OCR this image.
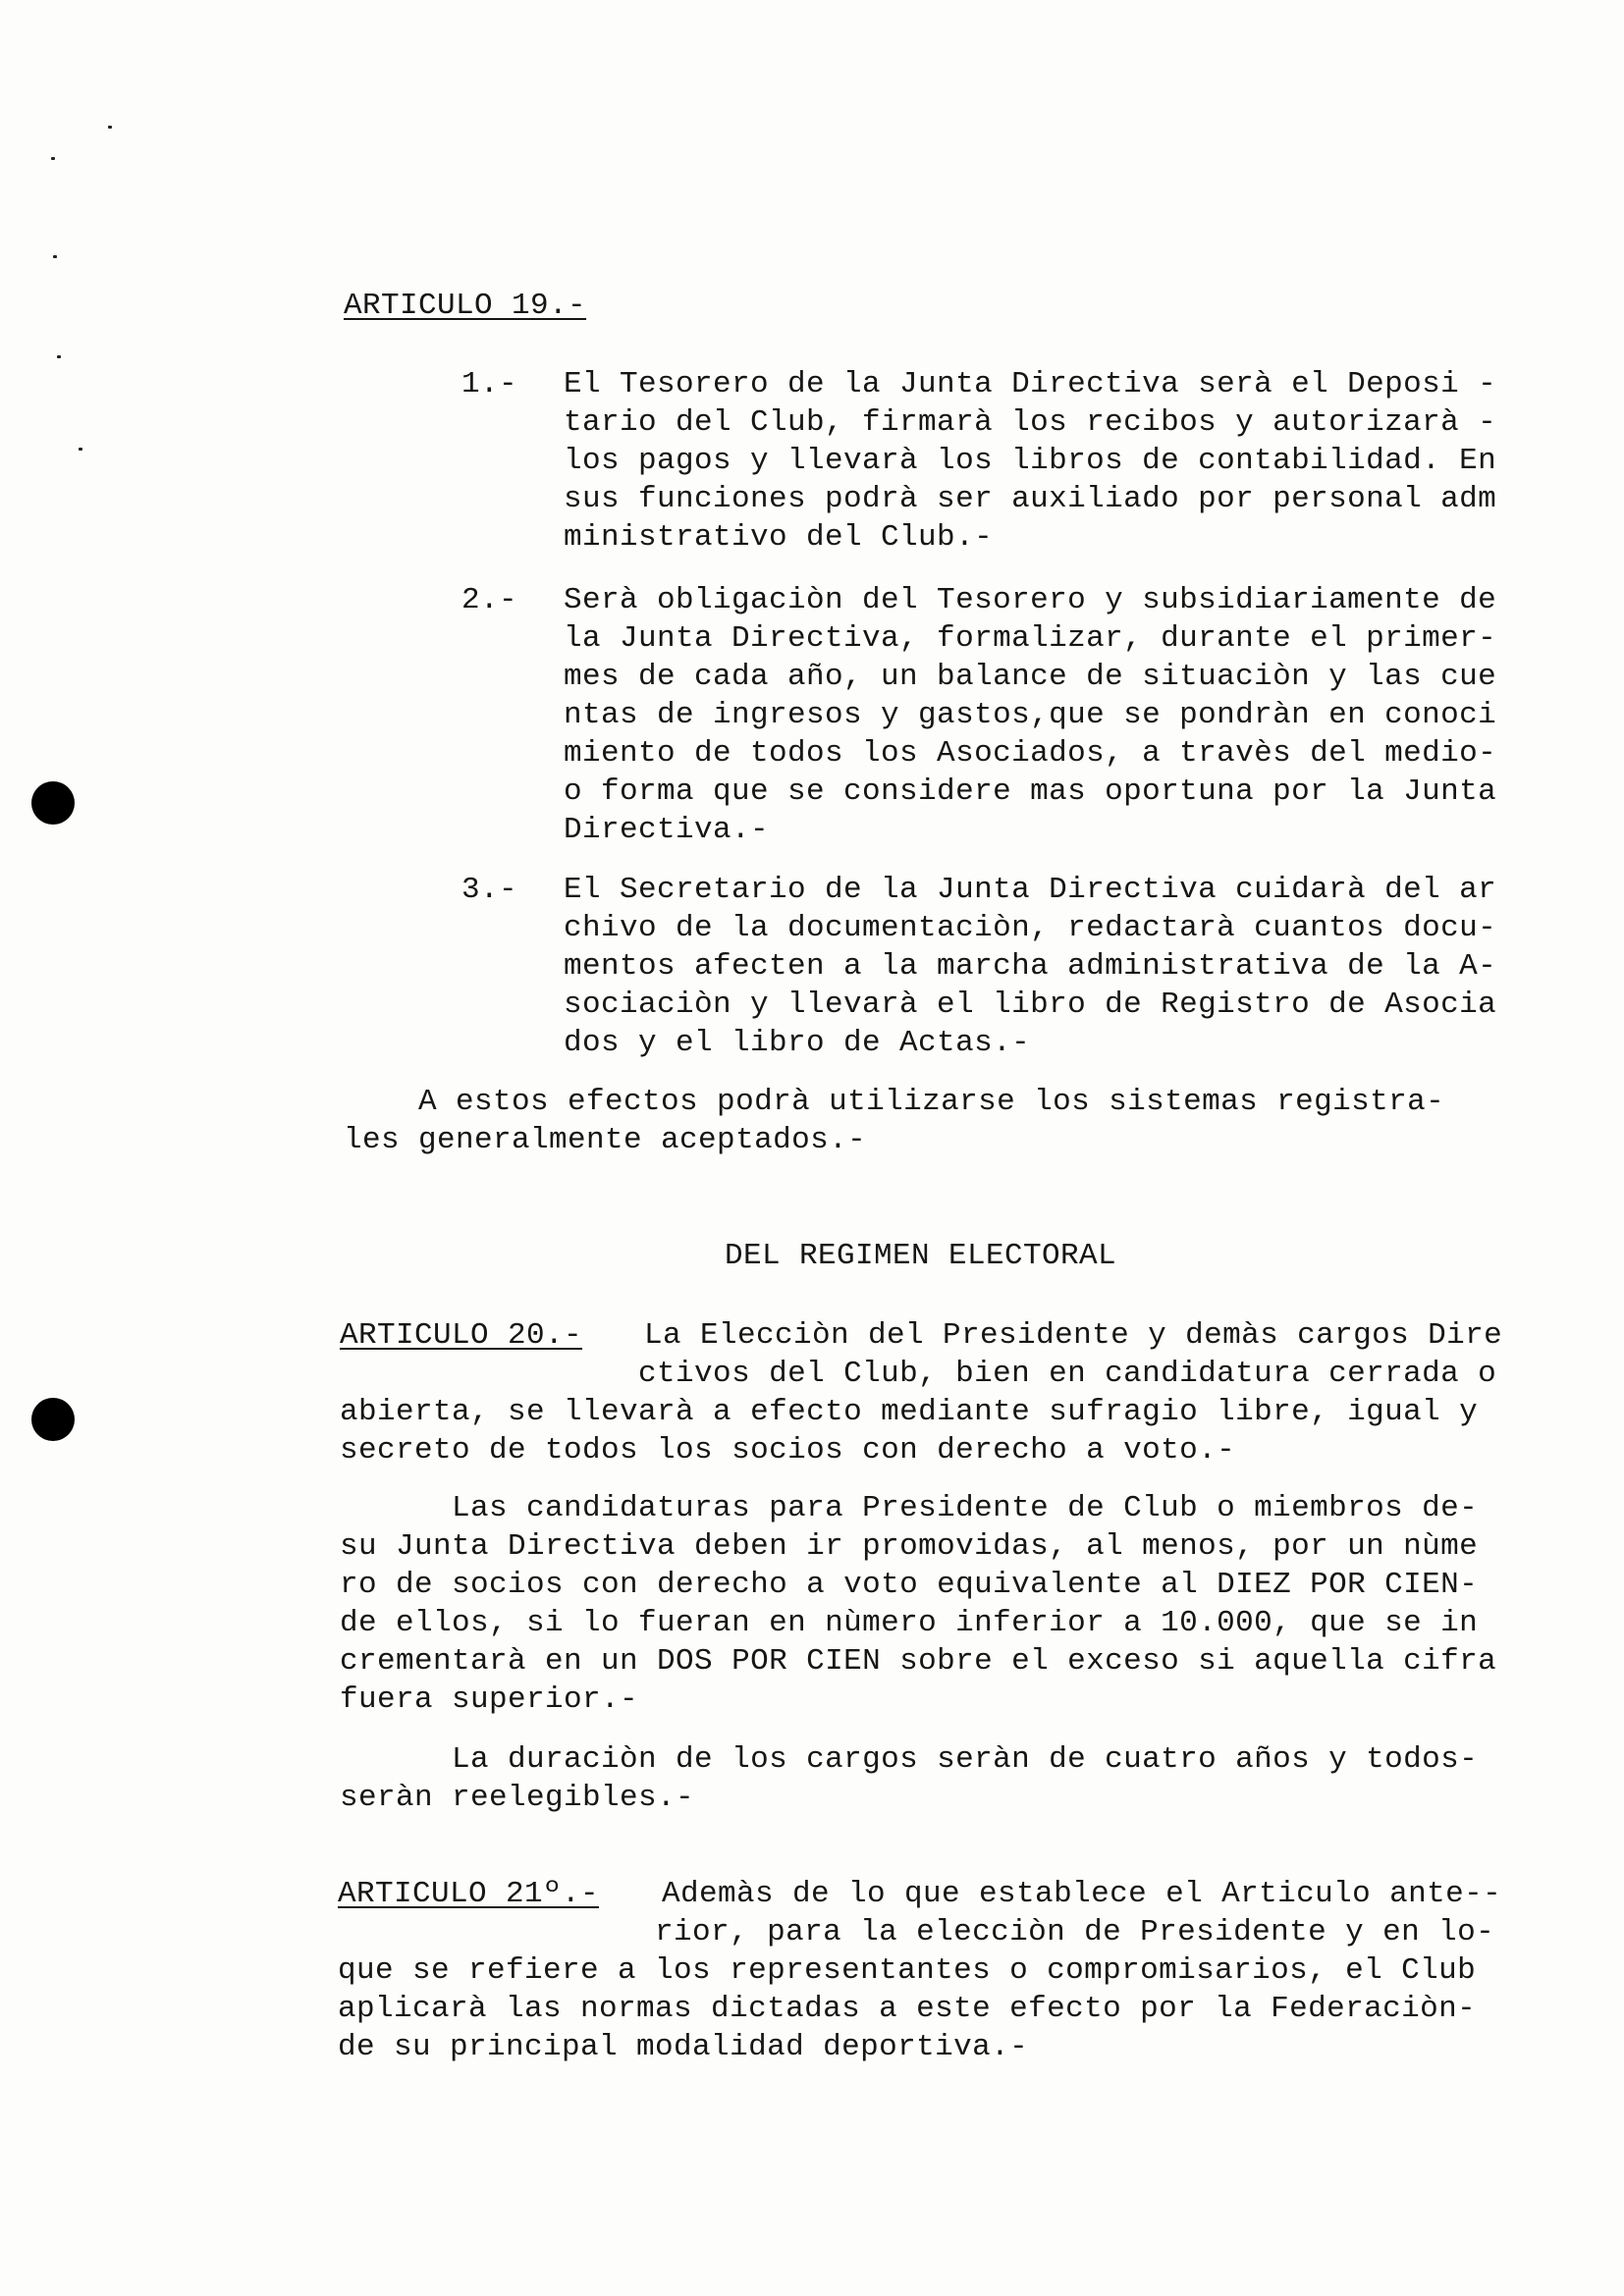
ARTICULO 19.-
1.- El Tesorero de la Junta Directiva serà el Deposi -
tario del Club, firmarà los recibos y autorizarà -
los pagos y llevarà los libros de contabilidad. En
sus funciones podrà ser auxiliado por personal adm
ministrativo del Club.-
2.- Serà obligaciòn del Tesorero y subsidiariamente de
la Junta Directiva, formalizar, durante el primer-
mes de cada año, un balance de situaciòn y las cue
ntas de ingresos y gastos,que se pondràn en conoci
miento de todos los Asociados, a travès del medio-
o forma que se considere mas oportuna por la Junta
Directiva.-
3.- El Secretario de la Junta Directiva cuidarà del ar
chivo de la documentaciòn, redactarà cuantos docu-
mentos afecten a la marcha administrativa de la A-
sociaciòn y llevarà el libro de Registro de Asocia
dos y el libro de Actas.-
A estos efectos podrà utilizarse los sistemas registra-
les generalmente aceptados.-
DEL REGIMEN ELECTORAL
ARTICULO 20.- La Elecciòn del Presidente y demàs cargos Dire
ctivos del Club, bien en candidatura cerrada o
abierta, se llevarà a efecto mediante sufragio libre, igual y
secreto de todos los socios con derecho a voto.-
Las candidaturas para Presidente de Club o miembros de-
su Junta Directiva deben ir promovidas, al menos, por un nùme
ro de socios con derecho a voto equivalente al DIEZ POR CIEN-
de ellos, si lo fueran en nùmero inferior a 10.000, que se in
crementarà en un DOS POR CIEN sobre el exceso si aquella cifra
fuera superior.-
La duraciòn de los cargos seràn de cuatro años y todos-
seràn reelegibles.-
ARTICULO 21º.- Ademàs de lo que establece el Articulo ante--
rior, para la elecciòn de Presidente y en lo-
que se refiere a los representantes o compromisarios, el Club
aplicarà las normas dictadas a este efecto por la Federaciòn-
de su principal modalidad deportiva.-
